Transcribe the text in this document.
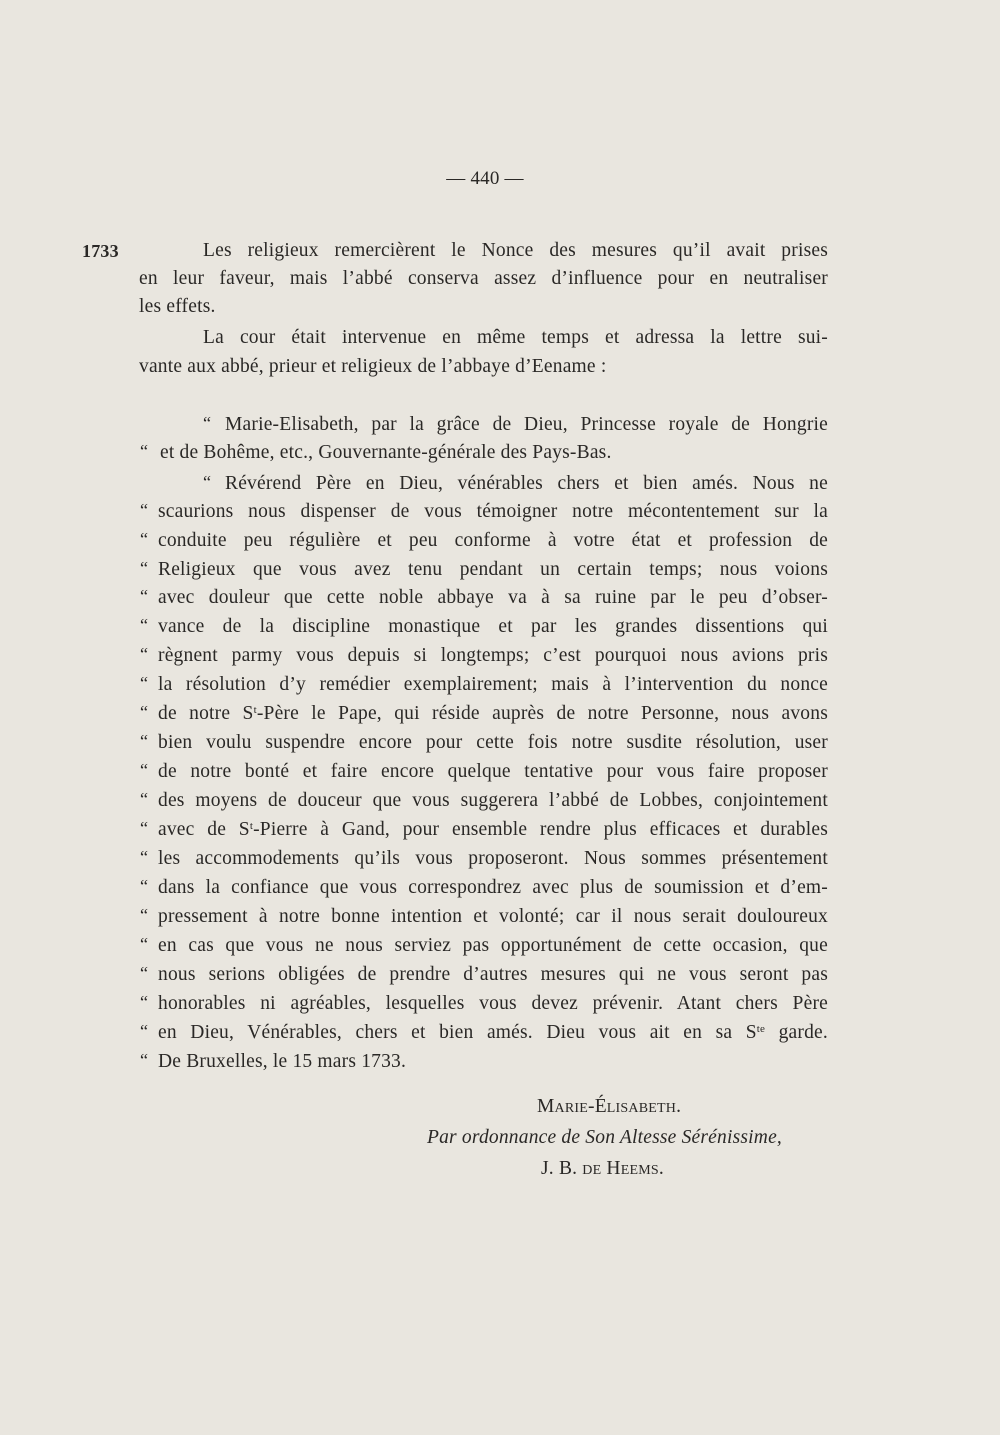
— 440 —
1733	Les religieux remercièrent le Nonce des mesures qu’il avait prises
en leur faveur, mais l’abbé conserva assez d’influence pour en neutraliser
les effets.
La cour était intervenue en même temps et adressa la lettre sui-
vante aux abbé, prieur et religieux de l’abbaye d’Eename :
“ Marie-Elisabeth, par la grâce de Dieu, Princesse royale de Hongrie
“ et de Bohême, etc., Gouvernante-générale des Pays-Bas.
“ Révérend Père en Dieu, vénérables chers et bien amés. Nous ne
“ scaurions nous dispenser de vous témoigner notre mécontentement sur la
“ conduite peu régulière et peu conforme à votre état et profession de
“ Religieux que vous avez tenu pendant un certain temps; nous voions
“ avec douleur que cette noble abbaye va à sa ruine par le peu d’obser-
“ vance de la discipline monastique et par les grandes dissentions qui
“ règnent parmy vous depuis si longtemps; c’est pourquoi nous avions pris
“ la résolution d’y remédier exemplairement; mais à l’intervention du nonce
“ de notre $S^t$-Père le Pape, qui réside auprès de notre Personne, nous avons
“ bien voulu suspendre encore pour cette fois notre susdite résolution, user
“ de notre bonté et faire encore quelque tentative pour vous faire proposer
“ des moyens de douceur que vous suggerera l’abbé de Lobbes, conjointement
“ avec de $S^t$-Pierre à Gand, pour ensemble rendre plus efficaces et durables
“ les accommodements qu’ils vous proposeront. Nous sommes présentement
“ dans la confiance que vous correspondrez avec plus de soumission et d’em-
“ pressement à notre bonne intention et volonté; car il nous serait douloureux
“ en cas que vous ne nous serviez pas opportunément de cette occasion, que
“ nous serions obligées de prendre d’autres mesures qui ne vous seront pas
“ honorables ni agréables, lesquelles vous devez prévenir. Atant chers Père
“ en Dieu, Vénérables, chers et bien amés. Dieu vous ait en sa $S^{te}$ garde.
“ De Bruxelles, le 15 mars 1733.
Marie-Élisabeth.
Par ordonnance de Son Altesse Sérénissime,
J. B. de Heems.
